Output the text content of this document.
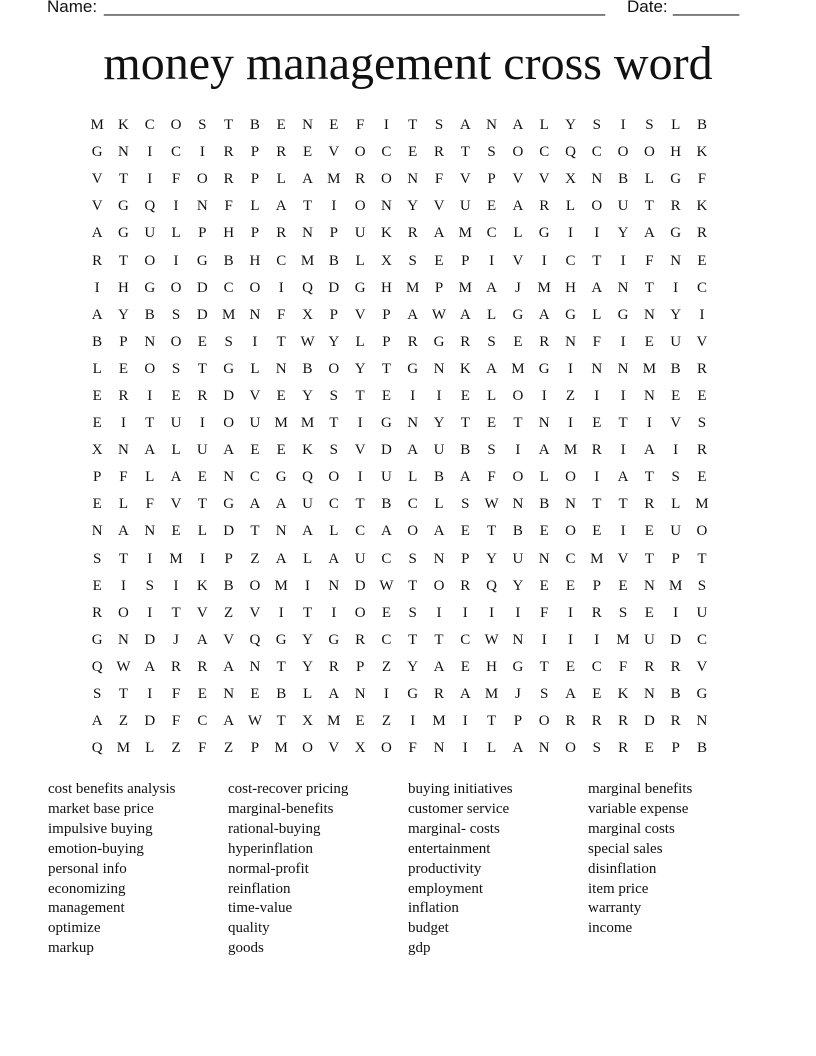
Name: _____________________________________________________ Date: _______
money management cross word
M K	C	O	S	T	B	E	N	E	F	I	T	S	A	N	A	L	Y	S	I	S	L	B
G	N	I	C	I	R	P	R	E	V	O	C	E	R	T	S	O	C	Q	C	O	O	H	K
V	T	I	F	O	R	P	L	A M R	O	N	F	V	P	V	V	X	N	B	L	G	F
V	G	Q	I	N	F	L	A	T	I	O	N	Y	V	U	E	A	R	L	O	U	T	R	K
A	G	U	L	P	H	P	R	N	P	U	K	R	A M C	L	G	I	I	Y	A	G	R
R	T	O	I	G	B	H	C M B	L	X	S	E	P	I	V	I	C	T	I	F	N	E
I	H	G	O	D	C	O	I	Q	D	G	H M	P	M A	J	M H	A	N	T	I	C
A	Y	B	S	D M N	F	X	P	V	P	A W A	L	G	A	G	L	G	N	Y	I
B	P	N	O	E	S	I	T W Y	L	P	R	G	R	S	E	R	N	F	I	E	U	V
L	E	O	S	T	G	L	N	B	O	Y	T	G	N	K	A M G	I	N	N M B	R
E	R	I	E	R	D	V	E	Y	S	T	E	I	I	E	L	O	I	Z	I	I	N	E	E
E	I	T	U	I	O	U M M	T	I	G	N	Y	T	E	T	N	I	E	T	I	V	S
X	N	A	L	U	A	E	E	K	S	V	D	A	U	B	S	I	A M R	I	A	I	R
P	F	L	A	E	N	C	G	Q	O	I	U	L	B	A	F	O	L	O	I	A	T	S	E
E	L	F	V	T	G	A	A	U	C	T	B	C	L	S	W N	B	N	T	T	R	L	M
N	A	N	E	L	D	T	N	A	L	C	A	O	A	E	T	B	E	O	E	I	E	U	O
S	T	I	M	I	P	Z	A	L	A	U	C	S	N	P	Y	U	N	C M V	T	P	T
E	I	S	I	K	B	O M	I	N	D W T	O	R	Q	Y	E	E	P	E	N M	S
R	O	I	T	V	Z	V	I	T	I	O	E	S	I	I	I	I	F	I	R	S	E	I	U
G	N	D	J	A	V	Q	G	Y	G	R	C	T	T	C W N	I	I	I	M U	D	C
Q W A	R	R	A	N	T	Y	R	P	Z	Y	A	E	H	G	T	E	C	F	R	R	V
S	T	I	F	E	N	E	B	L	A	N	I	G	R	A M	J	S	A	E	K	N	B	G
A	Z	D	F	C	A W T	X M	E	Z	I	M	I	T	P	O	R	R	R	D	R	N
Q M	L	Z	F	Z	P	M O	V	X	O	F	N	I	L	A	N	O	S	R	E	P	B
cost benefits analysis
market base price
impulsive buying
emotion-buying
personal info
economizing
management
optimize
markup
cost-recover pricing
marginal-benefits
rational-buying
hyperinflation
normal-profit
reinflation
time-value
quality
goods
buying initiatives
customer service
marginal- costs
entertainment
productivity
employment
inflation
budget
gdp
marginal benefits
variable expense
marginal costs
special sales
disinflation
item price
warranty
income
